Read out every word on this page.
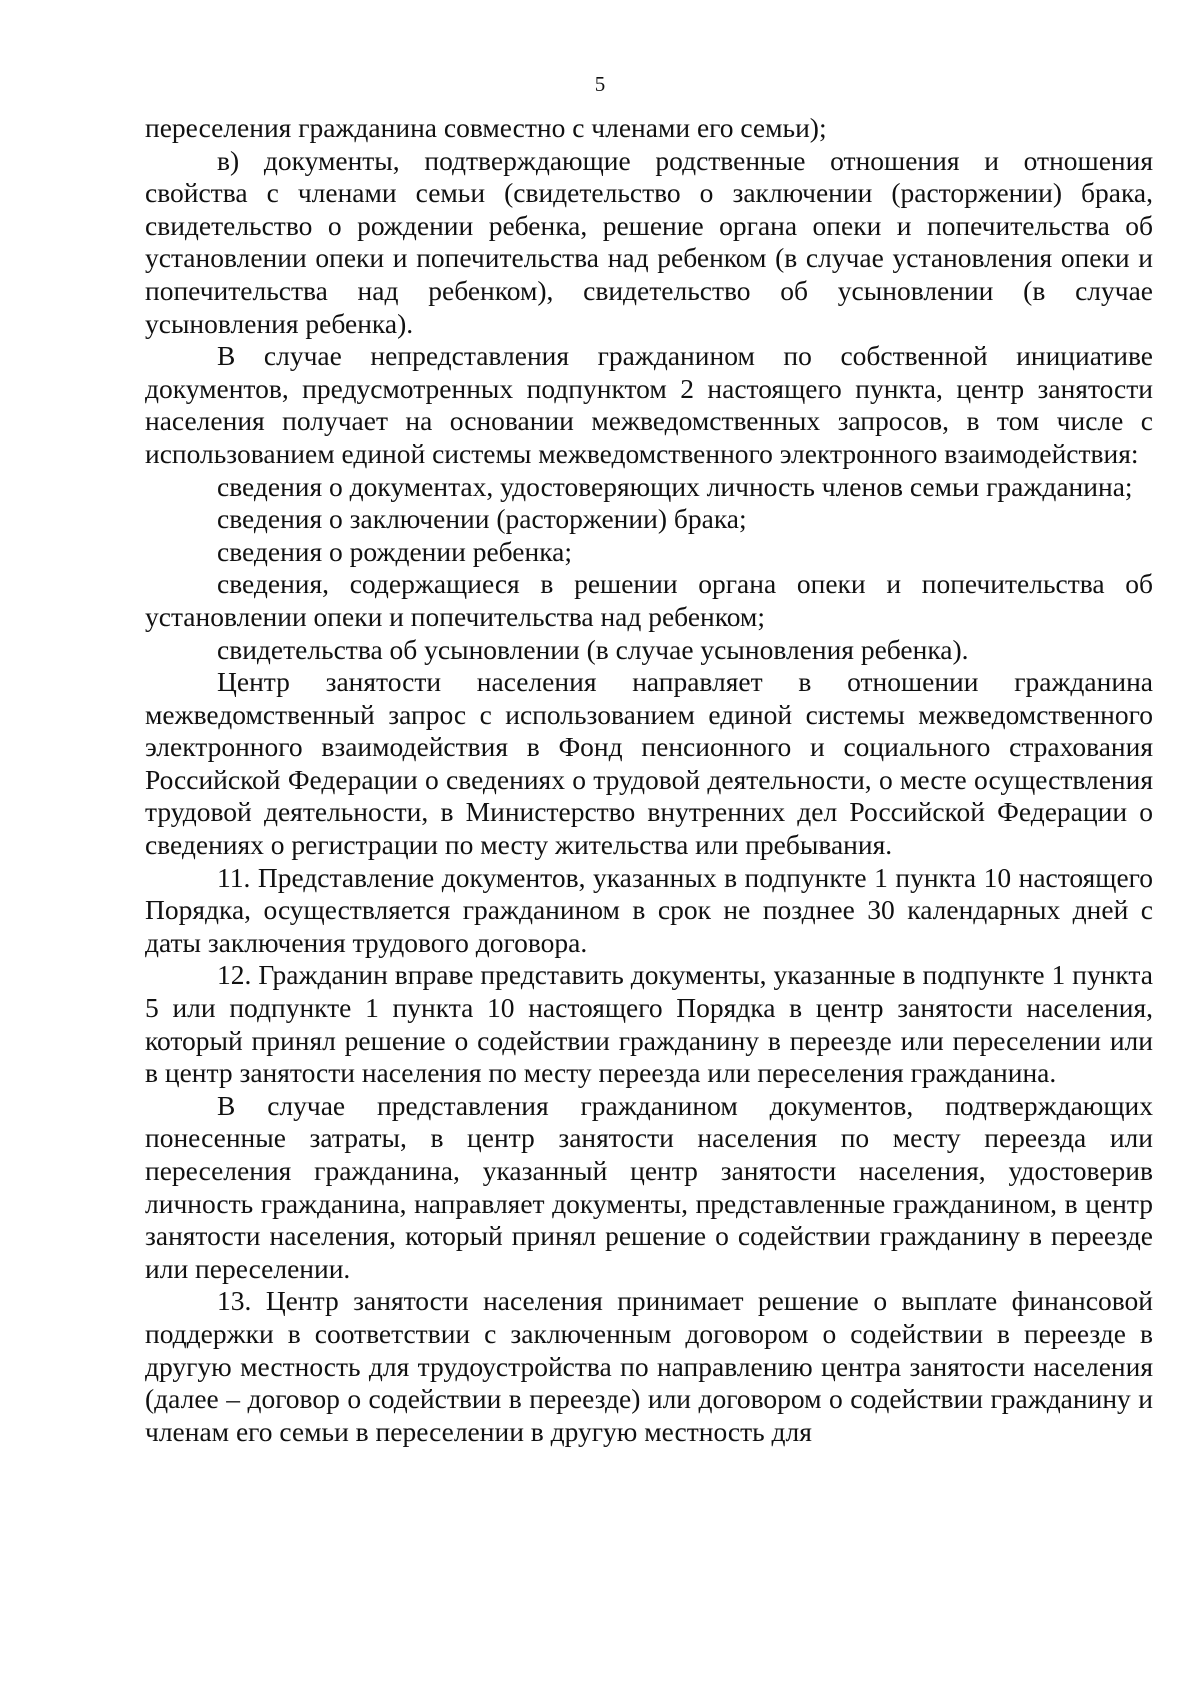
5

переселения гражданина совместно с членами его семьи);

в) документы, подтверждающие родственные отношения и отношения свойства с членами семьи (свидетельство о заключении (расторжении) брака, свидетельство о рождении ребенка, решение органа опеки и попечительства об установлении опеки и попечительства над ребенком (в случае установления опеки и попечительства над ребенком), свидетельство об усыновлении (в случае усыновления ребенка).

В случае непредставления гражданином по собственной инициативе документов, предусмотренных подпунктом 2 настоящего пункта, центр занятости населения получает на основании межведомственных запросов, в том числе с использованием единой системы межведомственного электронного взаимодействия:

сведения о документах, удостоверяющих личность членов семьи гражданина;

сведения о заключении (расторжении) брака;

сведения о рождении ребенка;

сведения, содержащиеся в решении органа опеки и попечительства об установлении опеки и попечительства над ребенком;

свидетельства об усыновлении (в случае усыновления ребенка).

Центр занятости населения направляет в отношении гражданина межведомственный запрос с использованием единой системы межведомственного электронного взаимодействия в Фонд пенсионного и социального страхования Российской Федерации о сведениях о трудовой деятельности, о месте осуществления трудовой деятельности, в Министерство внутренних дел Российской Федерации о сведениях о регистрации по месту жительства или пребывания.

11. Представление документов, указанных в подпункте 1 пункта 10 настоящего Порядка, осуществляется гражданином в срок не позднее 30 календарных дней с даты заключения трудового договора.

12. Гражданин вправе представить документы, указанные в подпункте 1 пункта 5 или подпункте 1 пункта 10 настоящего Порядка в центр занятости населения, который принял решение о содействии гражданину в переезде или переселении или в центр занятости населения по месту переезда или переселения гражданина.

В случае представления гражданином документов, подтверждающих понесенные затраты, в центр занятости населения по месту переезда или переселения гражданина, указанный центр занятости населения, удостоверив личность гражданина, направляет документы, представленные гражданином, в центр занятости населения, который принял решение о содействии гражданину в переезде или переселении.

13. Центр занятости населения принимает решение о выплате финансовой поддержки в соответствии с заключенным договором о содействии в переезде в другую местность для трудоустройства по направлению центра занятости населения (далее – договор о содействии в переезде) или договором о содействии гражданину и членам его семьи в переселении в другую местность для
